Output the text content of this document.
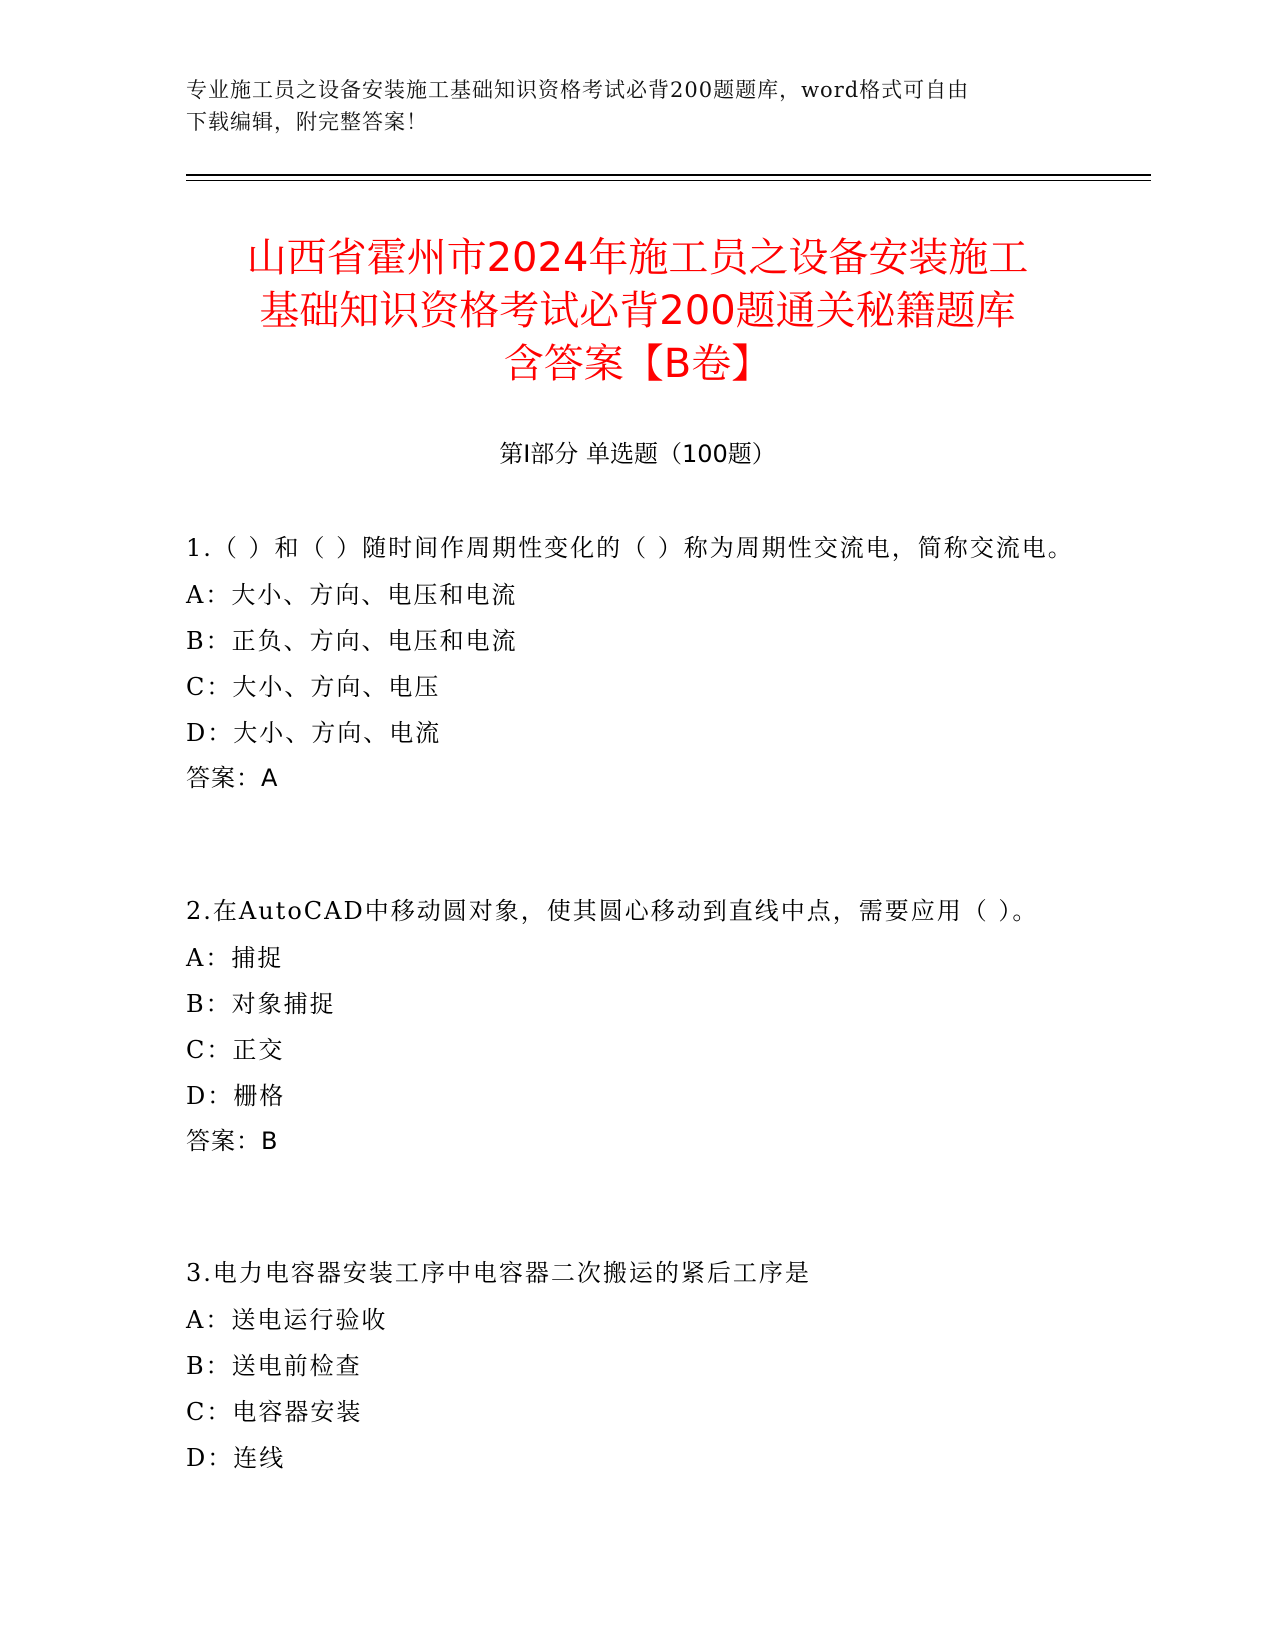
专业施工员之设备安装施工基础知识资格考试必背200题题库，word格式可自由
下载编辑，附完整答案！
山西省霍州市2024年施工员之设备安装施工
基础知识资格考试必背200题通关秘籍题库
含答案【B卷】
第I部分 单选题（100题）

1.（ ）和（ ）随时间作周期性变化的（ ）称为周期性交流电，简称交流电。

A：大小、方向、电压和电流

B：正负、方向、电压和电流

C：大小、方向、电压

D：大小、方向、电流

答案：A

2.在AutoCAD中移动圆对象，使其圆心移动到直线中点，需要应用（ ）。

A：捕捉

B：对象捕捉

C：正交

D：栅格

答案：B

3.电力电容器安装工序中电容器二次搬运的紧后工序是

A：送电运行验收

B：送电前检查

C：电容器安装

D：连线
